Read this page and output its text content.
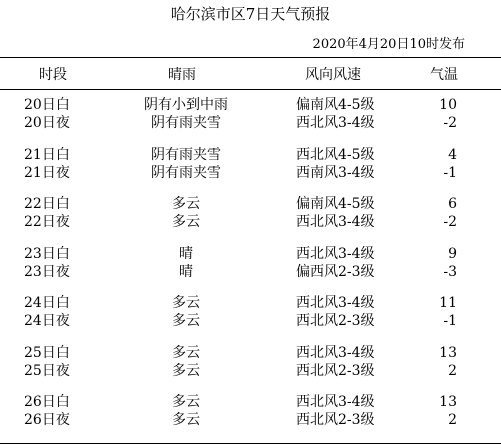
哈尔滨市区7日天气预报
2020年4月20日10时发布
时段	晴雨	风向风速	气温
20日白	阴有小到中雨	偏南风4-5级	10
20日夜	阴有雨夹雪	西北风3-4级	-2
21日白	阴有雨夹雪	西北风4-5级	4
21日夜	阴有雨夹雪	西南风3-4级	-1
22日白	多云	偏南风4-5级	6
22日夜	多云	西北风3-4级	-2
23日白	晴	西北风3-4级	9
23日夜	晴	偏西风2-3级	-3
24日白	多云	西北风3-4级	11
24日夜	多云	西北风2-3级	-1
25日白	多云	西北风3-4级	13
25日夜	多云	西北风2-3级	2
26日白	多云	西北风3-4级	13
26日夜	多云	西北风2-3级	2
